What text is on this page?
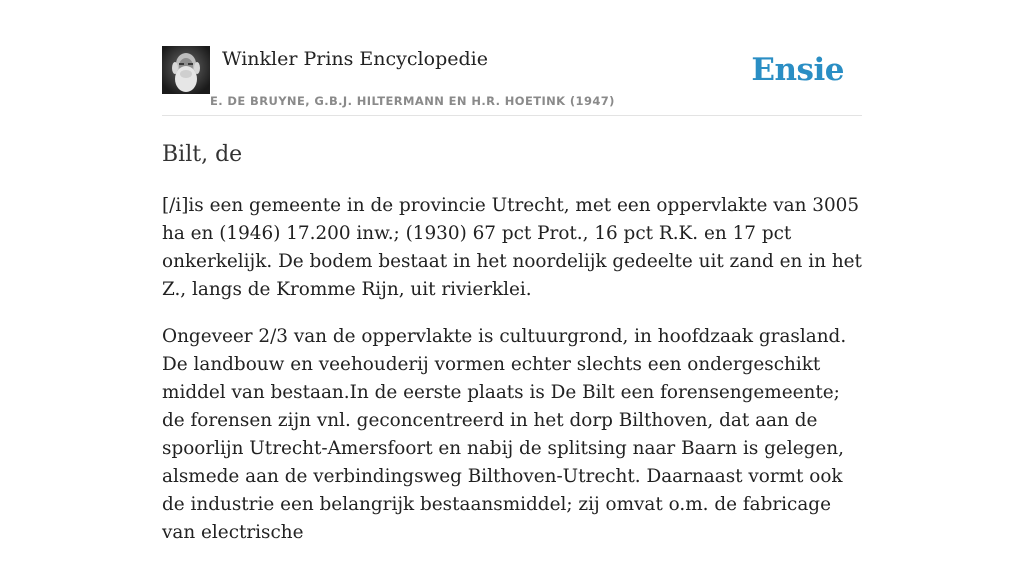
Winkler Prins Encyclopedie
E. DE BRUYNE, G.B.J. HILTERMANN EN H.R. HOETINK (1947)
Ensie
Bilt, de

[/i]is een gemeente in de provincie Utrecht, met een oppervlakte van 3005 ha en (1946) 17.200 inw.; (1930) 67 pct Prot., 16 pct R.K. en 17 pct onkerkelijk. De bodem bestaat in het noordelijk gedeelte uit zand en in het Z., langs de Kromme Rijn, uit rivierklei.

Ongeveer 2/3 van de oppervlakte is cultuurgrond, in hoofdzaak grasland. De landbouw en veehouderij vormen echter slechts een ondergeschikt middel van bestaan.In de eerste plaats is De Bilt een forensengemeente; de forensen zijn vnl. geconcentreerd in het dorp Bilthoven, dat aan de spoorlijn Utrecht-Amersfoort en nabij de splitsing naar Baarn is gelegen, alsmede aan de verbindingsweg Bilthoven-Utrecht. Daarnaast vormt ook de industrie een belangrijk bestaansmiddel; zij omvat o.m. de fabricage van electrische
